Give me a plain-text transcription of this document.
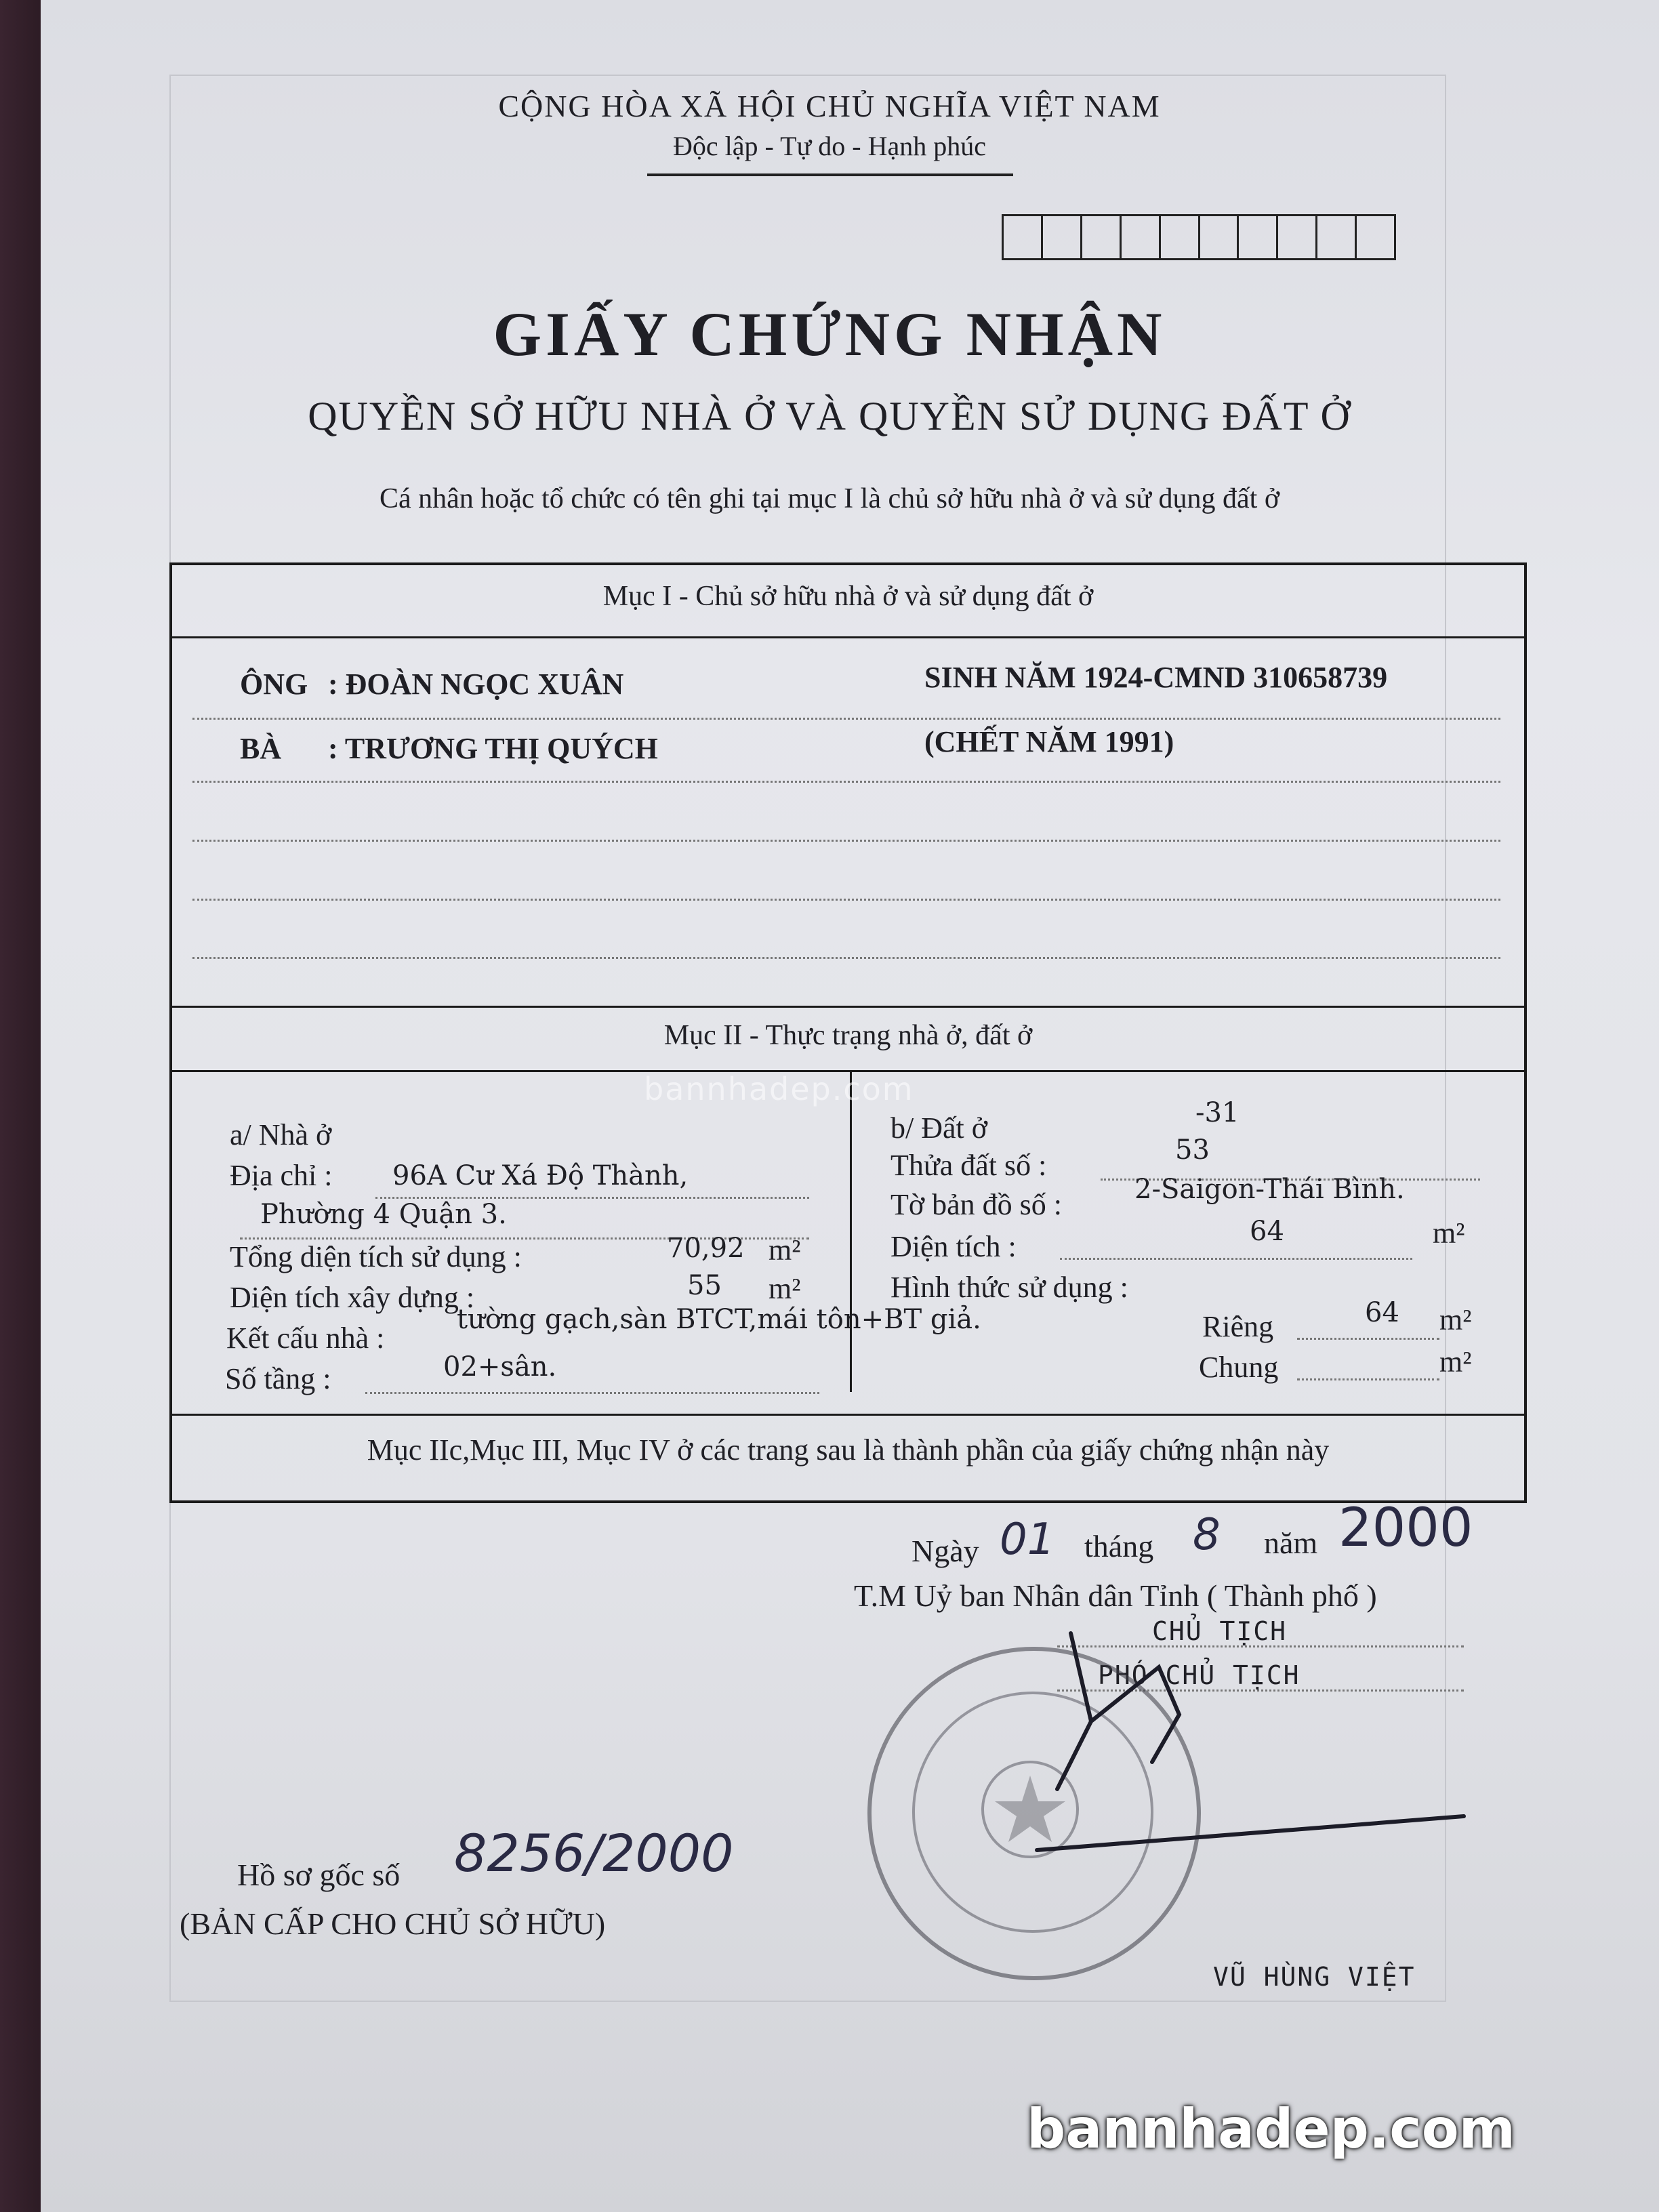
CỘNG HÒA XÃ HỘI CHỦ NGHĨA VIỆT NAM
Độc lập - Tự do - Hạnh phúc
GIẤY CHỨNG NHẬN
QUYỀN SỞ HỮU NHÀ Ở VÀ QUYỀN SỬ DỤNG ĐẤT Ở
Cá nhân hoặc tổ chức có tên ghi tại mục I là chủ sở hữu nhà ở và sử dụng đất ở
Mục I - Chủ sở hữu nhà ở và sử dụng đất ở
ÔNG : ĐOÀN NGỌC XUÂN	SINH NĂM 1924-CMND 310658739
BÀ : TRƯƠNG THỊ QUÝCH	(CHẾT NĂM 1991)
Mục II - Thực trạng nhà ở, đất ở
a/ Nhà ở
Địa chỉ : 96A Cư Xá Độ Thành,
Phường 4 Quận 3.
Tổng diện tích sử dụng :	70,92 m²
Diện tích xây dựng :	55 m²
Kết cấu nhà :
tường gạch,sàn BTCT,mái tôn+BT giả.
Số tầng :	02+sân.
b/ Đất ở	-31
Thửa đất số :	53
Tờ bản đồ số :	2-Saigon-Thái Bình.
Diện tích :	64	m²
Hình thức sử dụng :
Riêng	64 m²
Chung	m²
Mục IIc,Mục III, Mục IV ở các trang sau là thành phần của giấy chứng nhận này
bannhadep.com
Ngày 01 tháng 8 năm 2000
T.M Uỷ ban Nhân dân Tỉnh ( Thành phố )
CHỦ TỊCH
PHÓ CHỦ TỊCH
VŨ HÙNG VIỆT
Hồ sơ gốc số 8256/2000
(BẢN CẤP CHO CHỦ SỞ HỮU)
bannhadep.com
